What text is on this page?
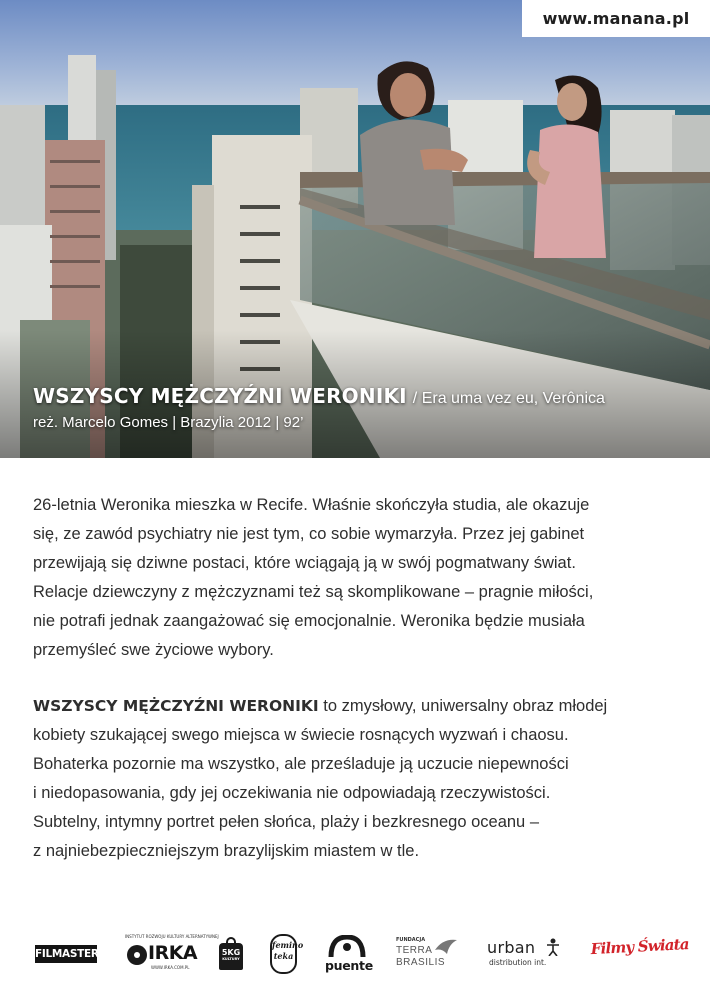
www.manana.pl
WSZYSCY MĘŻCZYŹNI WERONIKI / Era uma vez eu, Verônica
reż. Marcelo Gomes | Brazylia 2012 | 92’
26-letnia Weronika mieszka w Recife. Właśnie skończyła studia, ale okazuje
się, ze zawód psychiatry nie jest tym, co sobie wymarzyła. Przez jej gabinet
przewijają się dziwne postaci, które wciągają ją w swój pogmatwany świat.
Relacje dziewczyny z mężczyznami też są skomplikowane – pragnie miłości,
nie potrafi jednak zaangażować się emocjonalnie. Weronika będzie musiała
przemyśleć swe życiowe wybory.
WSZYSCY MĘŻCZYŹNI WERONIKI to zmysłowy, uniwersalny obraz młodej
kobiety szukającej swego miejsca w świecie rosnących wyzwań i chaosu.
Bohaterka pozornie ma wszystko, ale prześladuje ją uczucie niepewności
i niedopasowania, gdy jej oczekiwania nie odpowiadają rzeczywistości.
Subtelny, intymny portret pełen słońca, plaży i bezkresnego oceanu –
z najniebezpieczniejszym brazylijskim miastem w tle.
FILMASTER
INSTYTUT ROZWOJU KULTURY ALTERNATYWNEJ
IRKA
WWW.IRKA.COM.PL
5KG
KULTURY
femino teka
puente
FUNDACJA
TERRA
BRASILIS
urban
distribution int.
Filmy Świata
